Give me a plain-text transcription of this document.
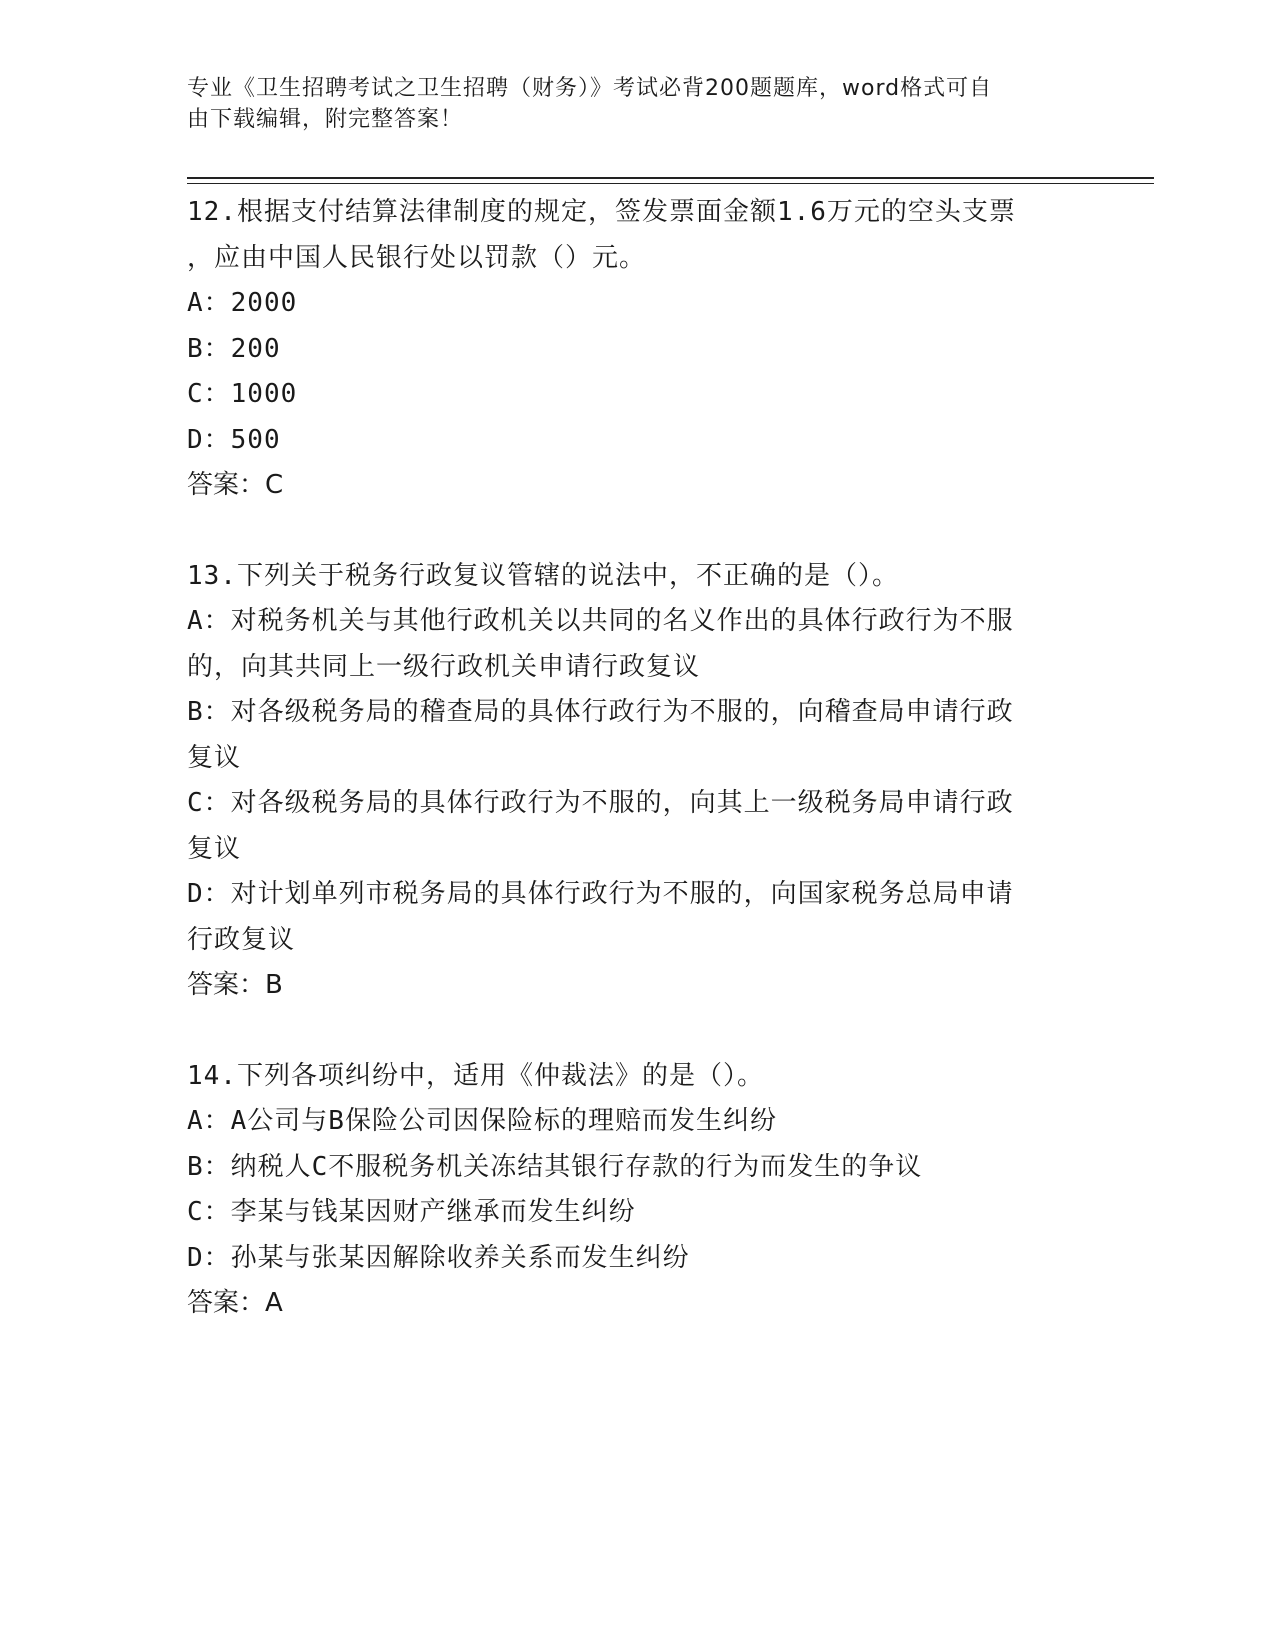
专业《卫生招聘考试之卫生招聘（财务）》考试必背200题题库，word格式可自
由下载编辑，附完整答案！
12.根据支付结算法律制度的规定，签发票面金额1.6万元的空头支票
，应由中国人民银行处以罚款（）元。
A：2000
B：200
C：1000
D：500
答案：C
13.下列关于税务行政复议管辖的说法中，不正确的是（）。
A：对税务机关与其他行政机关以共同的名义作出的具体行政行为不服
的，向其共同上一级行政机关申请行政复议
B：对各级税务局的稽查局的具体行政行为不服的，向稽查局申请行政
复议
C：对各级税务局的具体行政行为不服的，向其上一级税务局申请行政
复议
D：对计划单列市税务局的具体行政行为不服的，向国家税务总局申请
行政复议
答案：B
14.下列各项纠纷中，适用《仲裁法》的是（）。
A：A公司与B保险公司因保险标的理赔而发生纠纷
B：纳税人C不服税务机关冻结其银行存款的行为而发生的争议
C：李某与钱某因财产继承而发生纠纷
D：孙某与张某因解除收养关系而发生纠纷
答案：A
